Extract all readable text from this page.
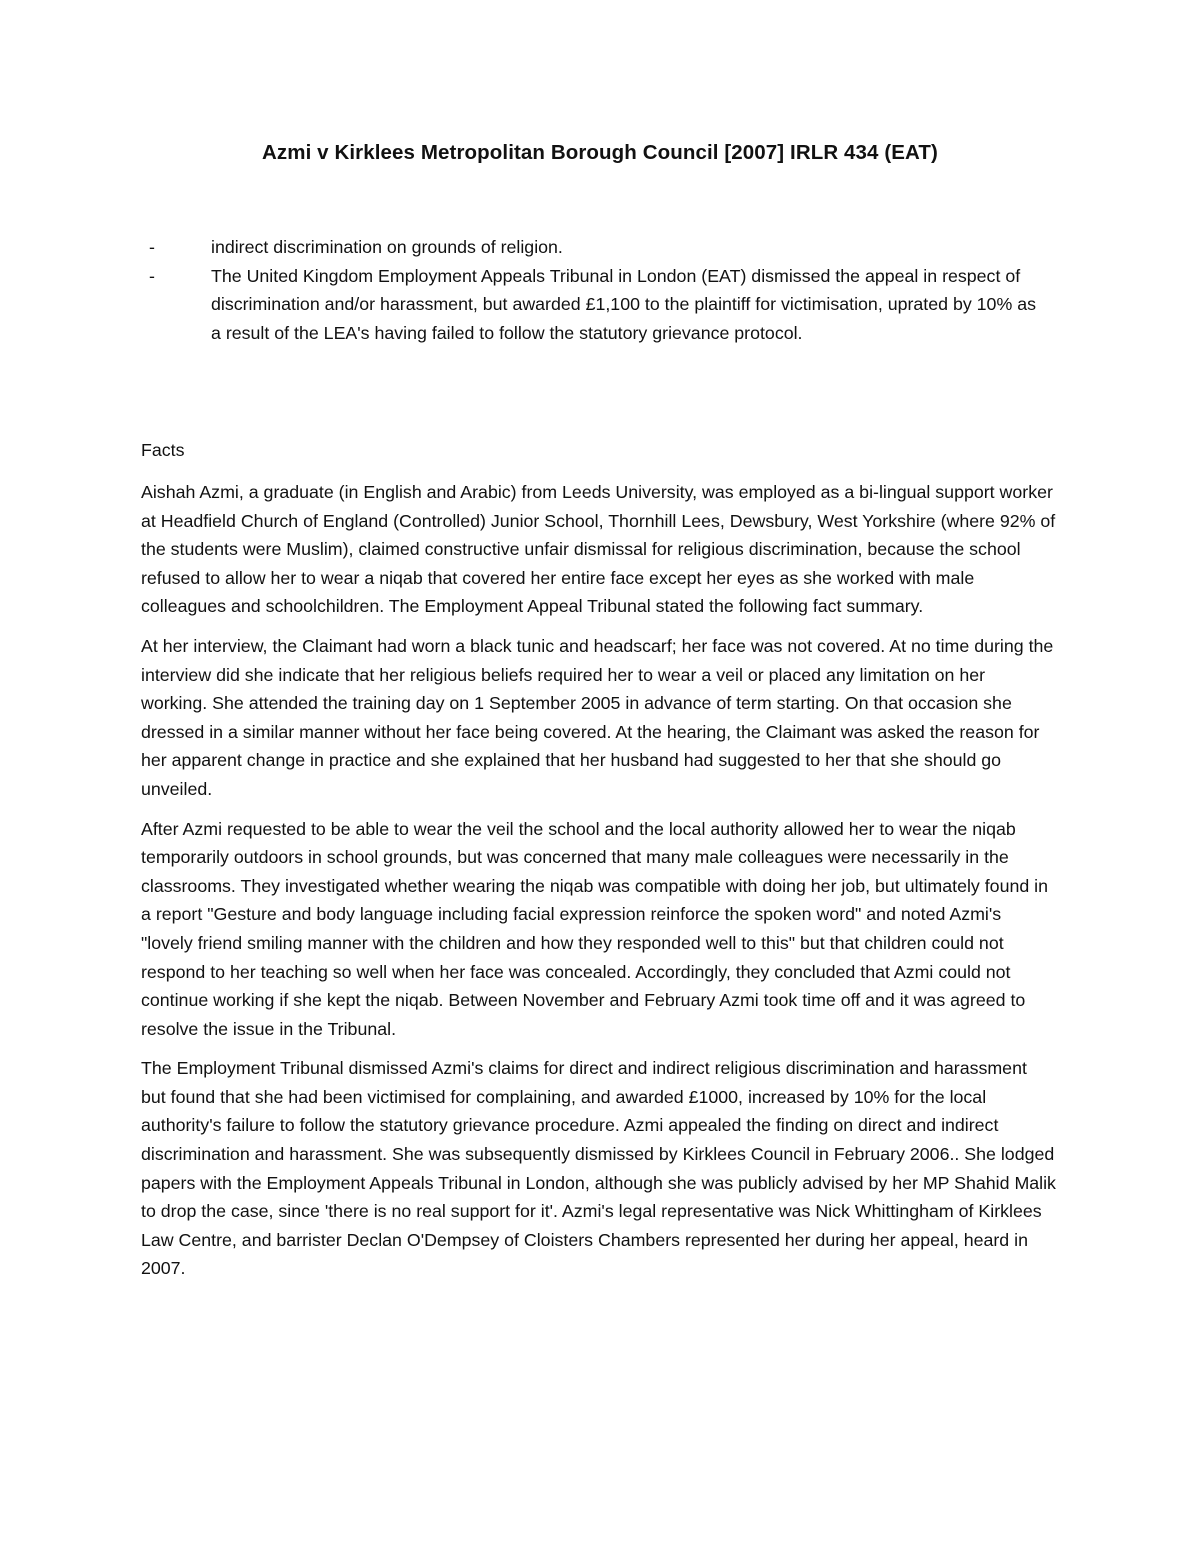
Azmi v Kirklees Metropolitan Borough Council [2007] IRLR 434 (EAT)
-	indirect discrimination on grounds of religion.
-	The United Kingdom Employment Appeals Tribunal in London (EAT) dismissed the appeal in respect of discrimination and/or harassment, but awarded £1,100 to the plaintiff for victimisation, uprated by 10% as a result of the LEA's having failed to follow the statutory grievance protocol.
Facts

Aishah Azmi, a graduate (in English and Arabic) from Leeds University, was employed as a bi-lingual support worker at Headfield Church of England (Controlled) Junior School, Thornhill Lees, Dewsbury, West Yorkshire (where 92% of the students were Muslim), claimed constructive unfair dismissal for religious discrimination, because the school refused to allow her to wear a niqab that covered her entire face except her eyes as she worked with male colleagues and schoolchildren. The Employment Appeal Tribunal stated the following fact summary.

At her interview, the Claimant had worn a black tunic and headscarf; her face was not covered. At no time during the interview did she indicate that her religious beliefs required her to wear a veil or placed any limitation on her working. She attended the training day on 1 September 2005 in advance of term starting. On that occasion she dressed in a similar manner without her face being covered. At the hearing, the Claimant was asked the reason for her apparent change in practice and she explained that her husband had suggested to her that she should go unveiled.

After Azmi requested to be able to wear the veil the school and the local authority allowed her to wear the niqab temporarily outdoors in school grounds, but was concerned that many male colleagues were necessarily in the classrooms. They investigated whether wearing the niqab was compatible with doing her job, but ultimately found in a report "Gesture and body language including facial expression reinforce the spoken word" and noted Azmi's "lovely friend smiling manner with the children and how they responded well to this" but that children could not respond to her teaching so well when her face was concealed. Accordingly, they concluded that Azmi could not continue working if she kept the niqab. Between November and February Azmi took time off and it was agreed to resolve the issue in the Tribunal.

The Employment Tribunal dismissed Azmi's claims for direct and indirect religious discrimination and harassment but found that she had been victimised for complaining, and awarded £1000, increased by 10% for the local authority's failure to follow the statutory grievance procedure. Azmi appealed the finding on direct and indirect discrimination and harassment. She was subsequently dismissed by Kirklees Council in February 2006.. She lodged papers with the Employment Appeals Tribunal in London, although she was publicly advised by her MP Shahid Malik to drop the case, since 'there is no real support for it'. Azmi's legal representative was Nick Whittingham of Kirklees Law Centre, and barrister Declan O'Dempsey of Cloisters Chambers represented her during her appeal, heard in 2007.
